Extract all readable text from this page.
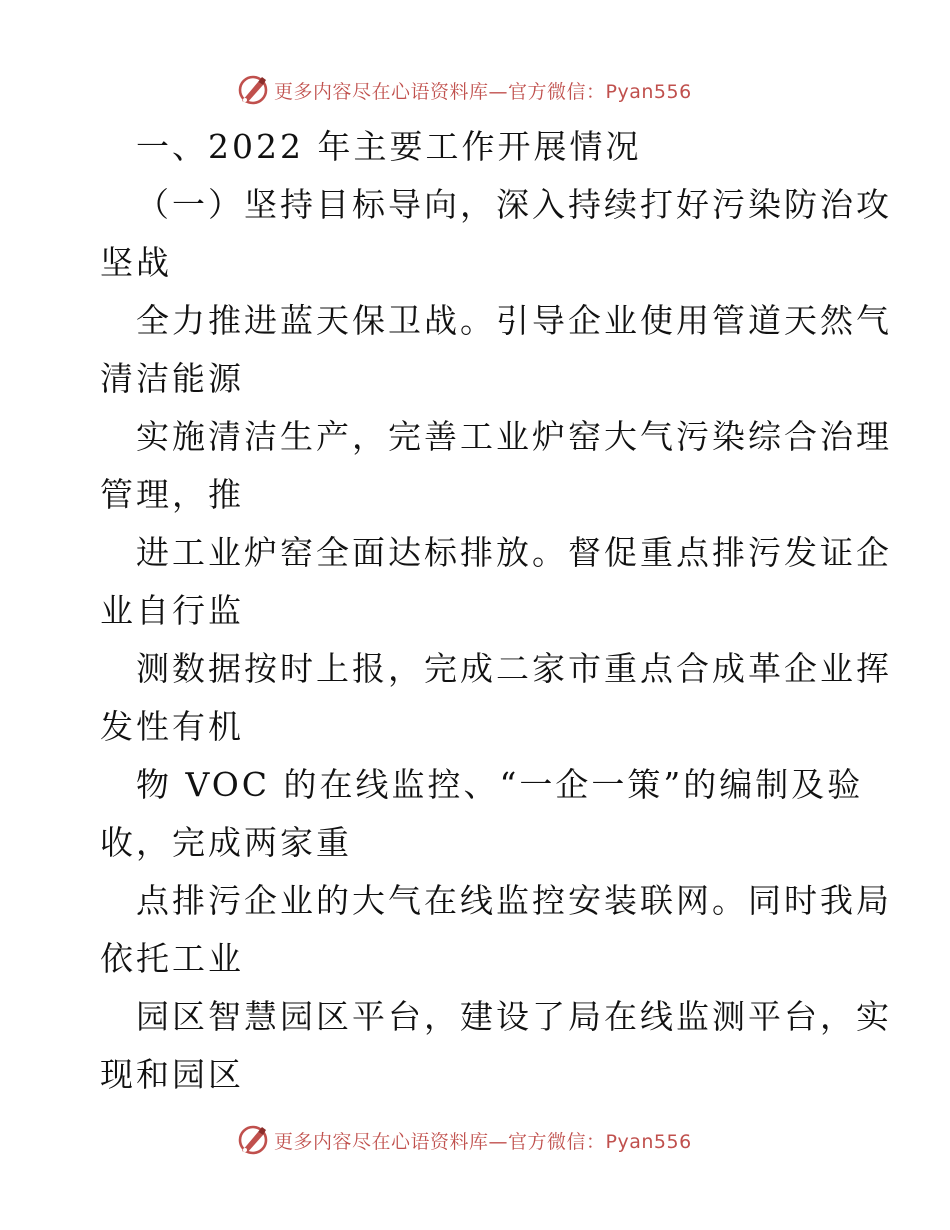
更多内容尽在心语资料库—官方微信：Pyan556
一、2022 年主要工作开展情况
（一）坚持目标导向，深入持续打好污染防治攻
坚战
全力推进蓝天保卫战。引导企业使用管道天然气
清洁能源
实施清洁生产，完善工业炉窑大气污染综合治理
管理，推
进工业炉窑全面达标排放。督促重点排污发证企
业自行监
测数据按时上报，完成二家市重点合成革企业挥
发性有机
物 VOC 的在线监控、“一企一策”的编制及验
收，完成两家重
点排污企业的大气在线监控安装联网。同时我局
依托工业
园区智慧园区平台，建设了局在线监测平台，实
现和园区
更多内容尽在心语资料库—官方微信：Pyan556
